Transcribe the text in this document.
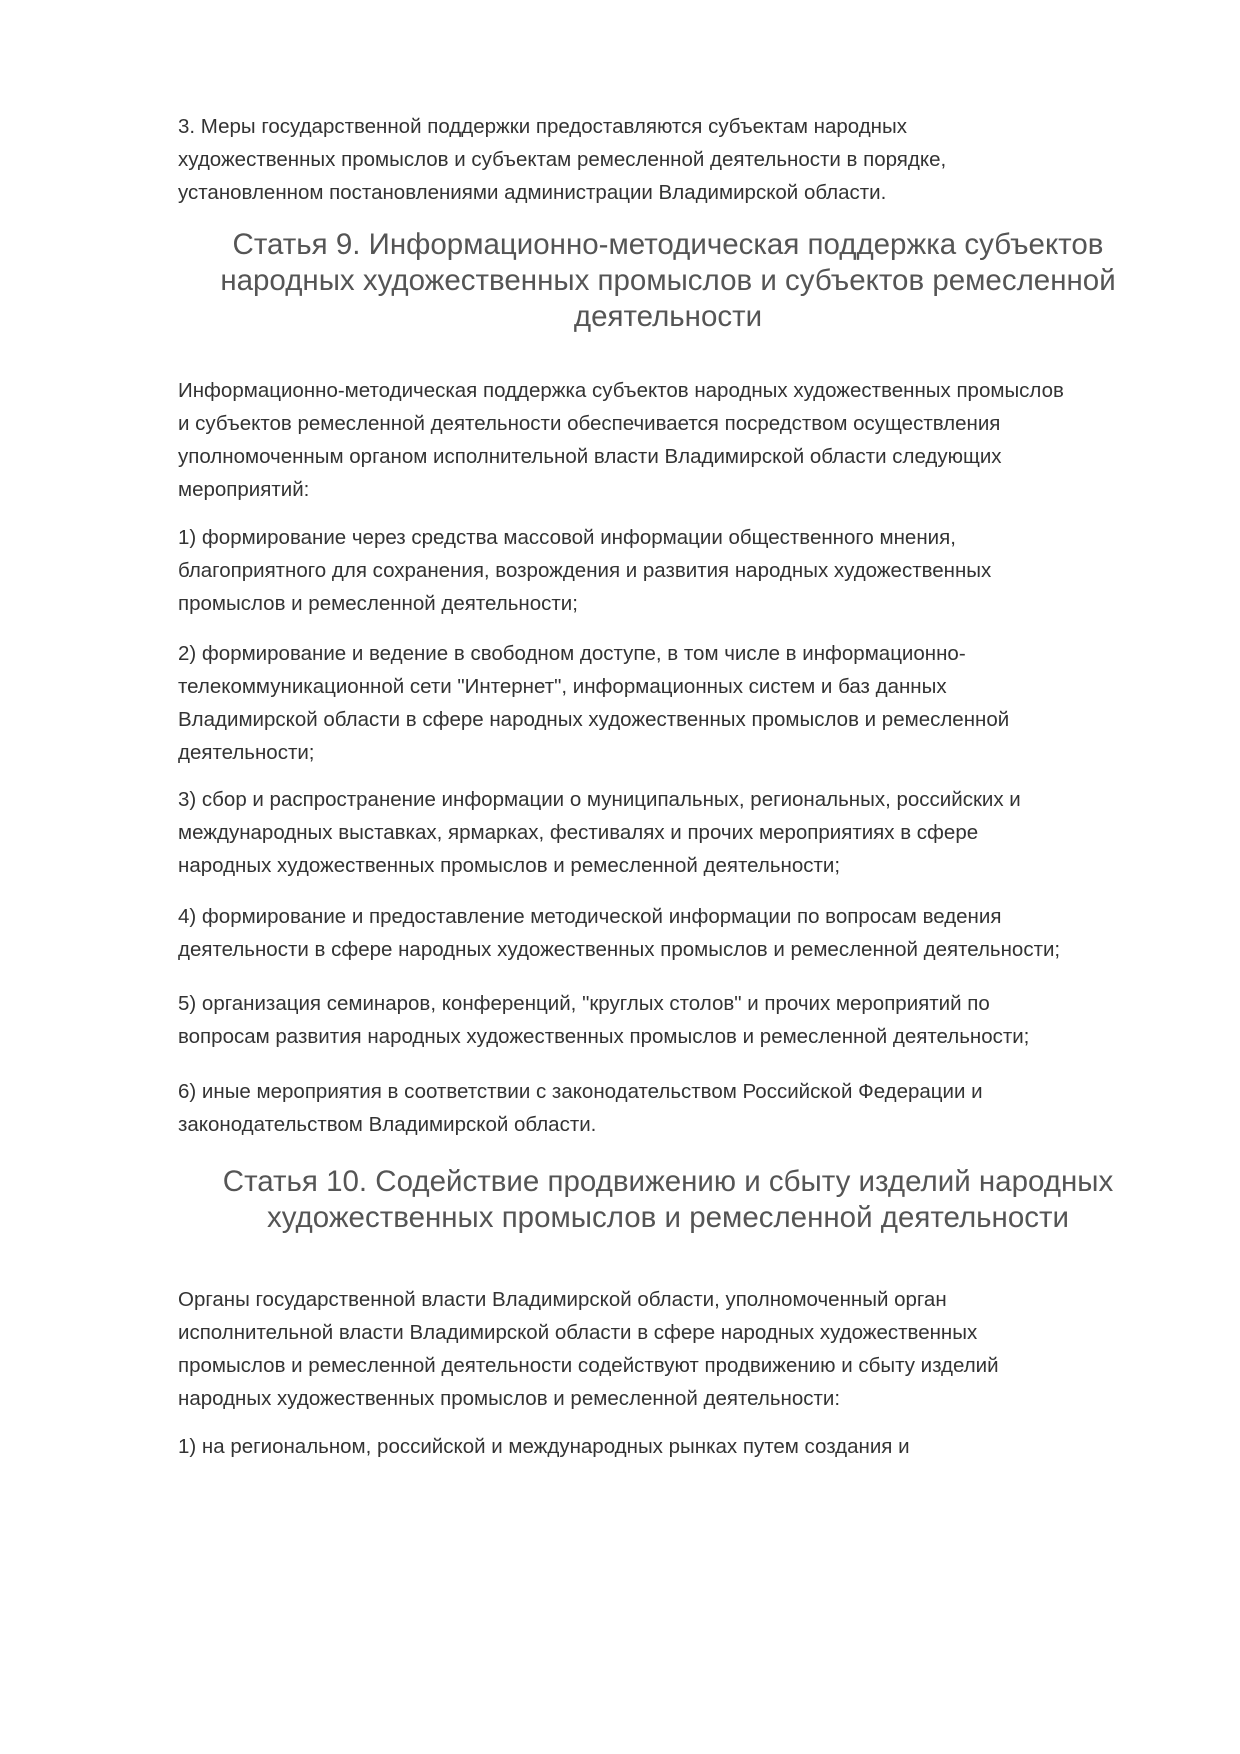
3. Меры государственной поддержки предоставляются субъектам народных
художественных промыслов и субъектам ремесленной деятельности в порядке,
установленном постановлениями администрации Владимирской области.
Статья 9. Информационно-методическая поддержка субъектов
народных художественных промыслов и субъектов ремесленной
деятельности
Информационно-методическая поддержка субъектов народных художественных промыслов
и субъектов ремесленной деятельности обеспечивается посредством осуществления
уполномоченным органом исполнительной власти Владимирской области следующих
мероприятий:
1) формирование через средства массовой информации общественного мнения,
благоприятного для сохранения, возрождения и развития народных художественных
промыслов и ремесленной деятельности;
2) формирование и ведение в свободном доступе, в том числе в информационно-
телекоммуникационной сети "Интернет", информационных систем и баз данных
Владимирской области в сфере народных художественных промыслов и ремесленной
деятельности;
3) сбор и распространение информации о муниципальных, региональных, российских и
международных выставках, ярмарках, фестивалях и прочих мероприятиях в сфере
народных художественных промыслов и ремесленной деятельности;
4) формирование и предоставление методической информации по вопросам ведения
деятельности в сфере народных художественных промыслов и ремесленной деятельности;
5) организация семинаров, конференций, "круглых столов" и прочих мероприятий по
вопросам развития народных художественных промыслов и ремесленной деятельности;
6) иные мероприятия в соответствии с законодательством Российской Федерации и
законодательством Владимирской области.
Статья 10. Содействие продвижению и сбыту изделий народных
художественных промыслов и ремесленной деятельности
Органы государственной власти Владимирской области, уполномоченный орган
исполнительной власти Владимирской области в сфере народных художественных
промыслов и ремесленной деятельности содействуют продвижению и сбыту изделий
народных художественных промыслов и ремесленной деятельности:
1) на региональном, российской и международных рынках путем создания и
